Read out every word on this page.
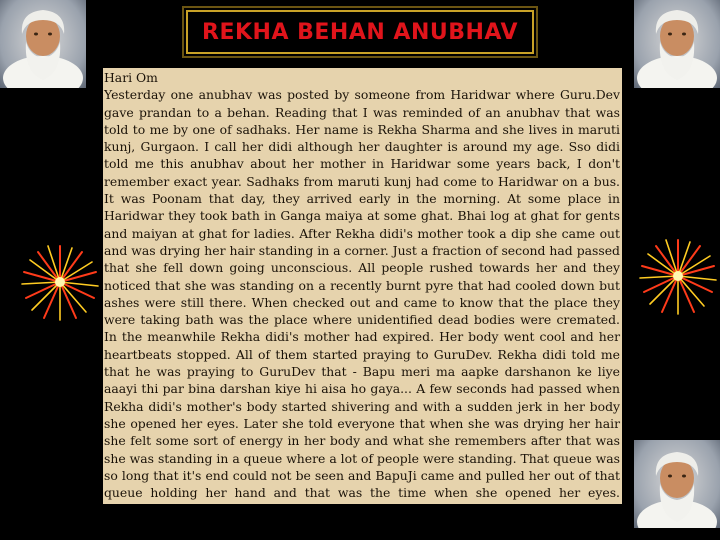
REKHA BEHAN ANUBHAV

Hari Om

Yesterday one anubhav was posted by someone from Haridwar where Guru.Dev gave prandan to a behan. Reading that I was reminded of an anubhav that was told to me by one of sadhaks. Her name is Rekha Sharma and she lives in maruti kunj, Gurgaon. I call her didi although her daughter is around my age. Sso didi told me this anubhav about her mother in Haridwar some years back, I don't remember exact year. Sadhaks from maruti kunj had come to Haridwar on a bus. It was Poonam that day, they arrived early in the morning. At some place in Haridwar they took bath in Ganga maiya at some ghat. Bhai log at ghat for gents and maiyan at ghat for ladies. After Rekha didi's mother took a dip she came out and was drying her hair standing in a corner. Just a fraction of second had passed that she fell down going unconscious. All people rushed towards her and they noticed that she was standing on a recently burnt pyre that had cooled down but ashes were still there. When checked out and came to know that the place they were taking bath was the place where unidentified dead bodies were cremated. In the meanwhile Rekha didi's mother had expired. Her body went cool and her heartbeats stopped. All of them started praying to GuruDev. Rekha didi told me that he was praying to GuruDev that - Bapu meri ma aapke darshanon ke liye aaayi thi par bina darshan kiye hi aisa ho gaya... A few seconds had passed when Rekha didi's mother's body started shivering and with a sudden jerk in her body she opened her eyes. Later she told everyone that when she was drying her hair she felt some sort of energy in her body and what she remembers after that was she was standing in a queue where a lot of people were standing. That queue was so long that it's end could not be seen and BapuJi came and pulled her out of that queue holding her hand and that was the time when she opened her eyes.
